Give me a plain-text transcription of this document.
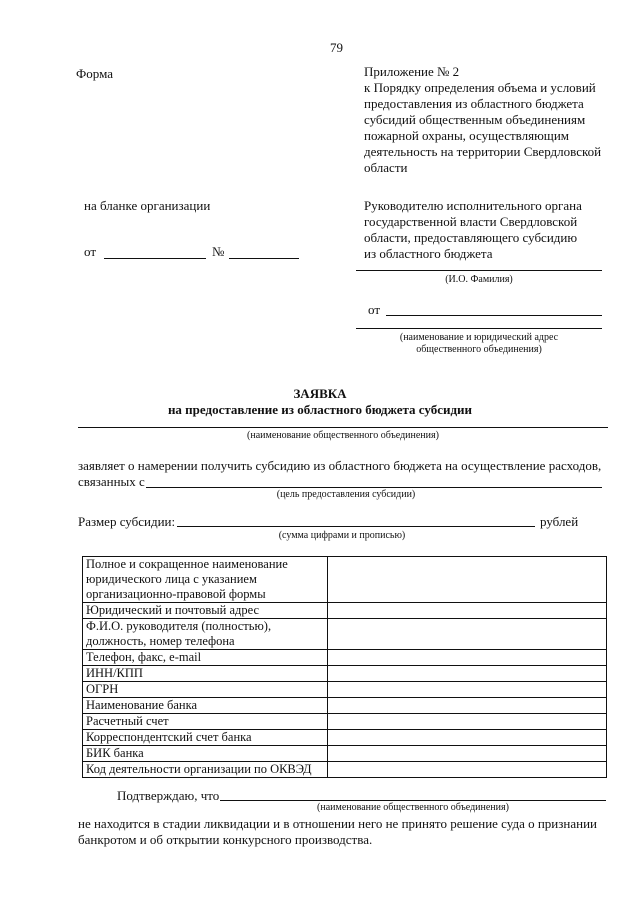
79
Форма	Приложение № 2
к Порядку определения объема и условий
предоставления из областного бюджета
субсидий общественным объединениям
пожарной охраны, осуществляющим
деятельность на территории Свердловской
области
на бланке организации
от	№
Руководителю исполнительного органа
государственной власти Свердловской
области, предоставляющего субсидию
из областного бюджета
(И.О. Фамилия)
от
(наименование и юридический адрес
общественного объединения)
ЗАЯВКА
на предоставление из областного бюджета субсидии
(наименование общественного объединения)
заявляет о намерении получить субсидию из областного бюджета на осуществление расходов,
связанных с
(цель предоставления субсидии)
Размер субсидии:	рублей
(сумма цифрами и прописью)
Полное и сокращенное наименование юридического лица с указанием организационно-правовой формы	
Юридический и почтовый адрес	
Ф.И.О. руководителя (полностью), должность, номер телефона	
Телефон, факс, e-mail	
ИНН/КПП	
ОГРН	
Наименование банка	
Расчетный счет	
Корреспондентский счет банка	
БИК банка	
Код деятельности организации по ОКВЭД	
Подтверждаю, что
(наименование общественного объединения)
не находится в стадии ликвидации и в отношении него не принято решение суда о признании
банкротом и об открытии конкурсного производства.
